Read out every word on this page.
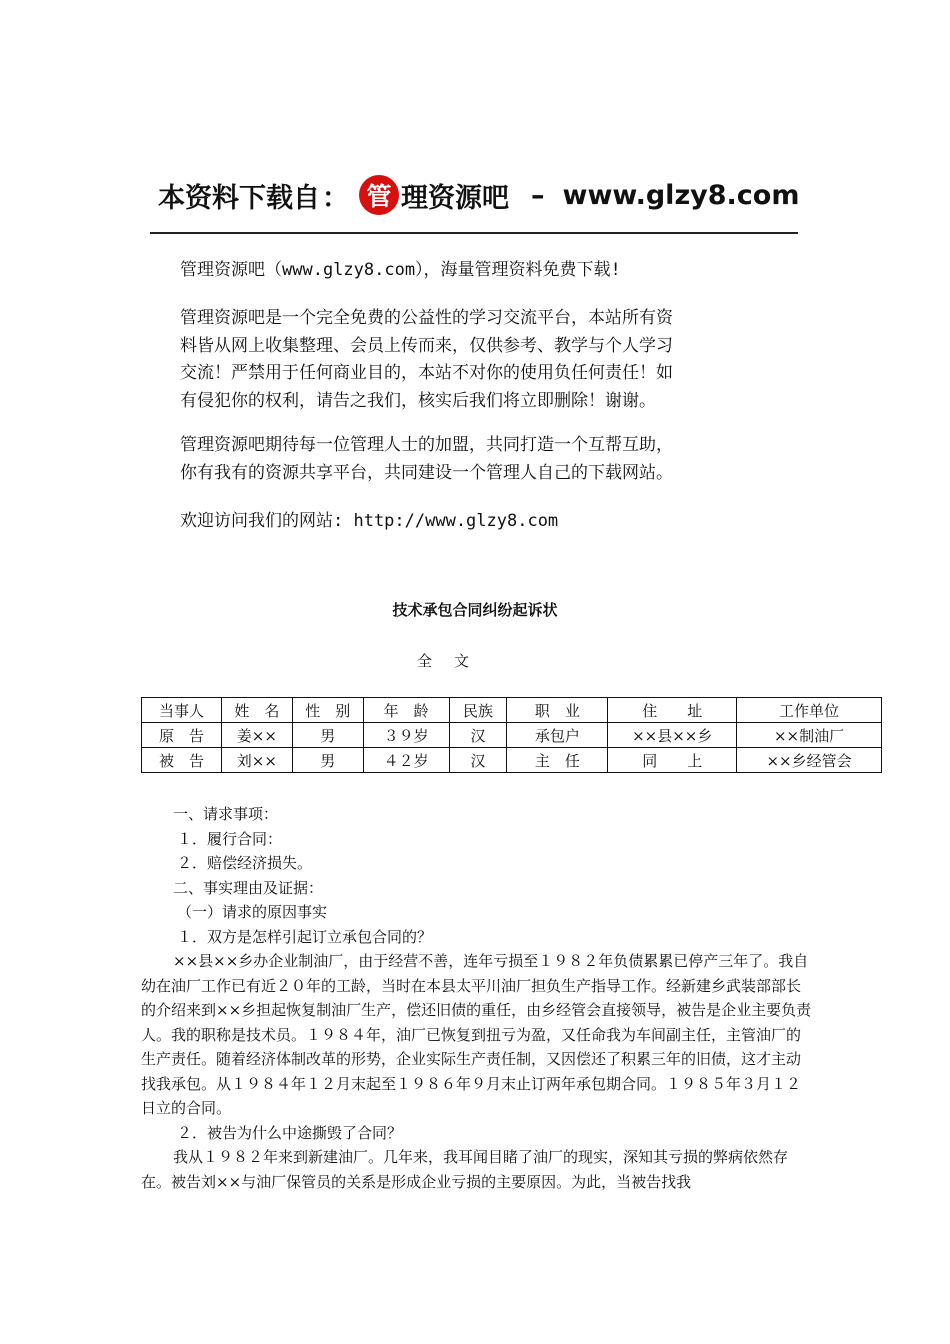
本资料下载自 ： 管 理资源吧 – www.glzy8.com

管理资源吧（www.glzy8.com），海量管理资料免费下载!

管理资源吧是一个完全免费的公益性的学习交流平台，本站所有资

料皆从网上收集整理、会员上传而来，仅供参考、教学与个人学习

交流！严禁用于任何商业目的，本站不对你的使用负任何责任！如

有侵犯你的权利，请告之我们，核实后我们将立即删除！谢谢。

管理资源吧期待每一位管理人士的加盟，共同打造一个互帮互助，

你有我有的资源共享平台，共同建设一个管理人自己的下载网站。

欢迎访问我们的网站: http://www.glzy8.com

技术承包合同纠纷起诉状
全文
当事人	姓　名	性　别	年　龄	民族	职　业	住　　址	工作单位
原　告	姜××	男	３９岁	汉	承包户	××县××乡	××制油厂
被　告	刘××	男	４２岁	汉	主　任	同　　上	××乡经管会

一、请求事项：

１．履行合同：

２．赔偿经济损失。

二、事实理由及证据：

（一）请求的原因事实

１．双方是怎样引起订立承包合同的？

××县××乡办企业制油厂，由于经营不善，连年亏损至１９８２年负债累累已停产三年了。我自幼在油厂工作已有近２０年的工龄，当时在本县太平川油厂担负生产指导工作。经新建乡武装部部长的介绍来到××乡担起恢复制油厂生产，偿还旧债的重任，由乡经管会直接领导，被告是企业主要负责人。我的职称是技术员。１９８４年，油厂已恢复到扭亏为盈，又任命我为车间副主任，主管油厂的生产责任。随着经济体制改革的形势，企业实际生产责任制，又因偿还了积累三年的旧债，这才主动找我承包。从１９８４年１２月末起至１９８６年９月末止订两年承包期合同。１９８５年３月１２日立的合同。

２．被告为什么中途撕毁了合同？

我从１９８２年来到新建油厂。几年来，我耳闻目睹了油厂的现实，深知其亏损的弊病依然存在。被告刘××与油厂保管员的关系是形成企业亏损的主要原因。为此，当被告找我
